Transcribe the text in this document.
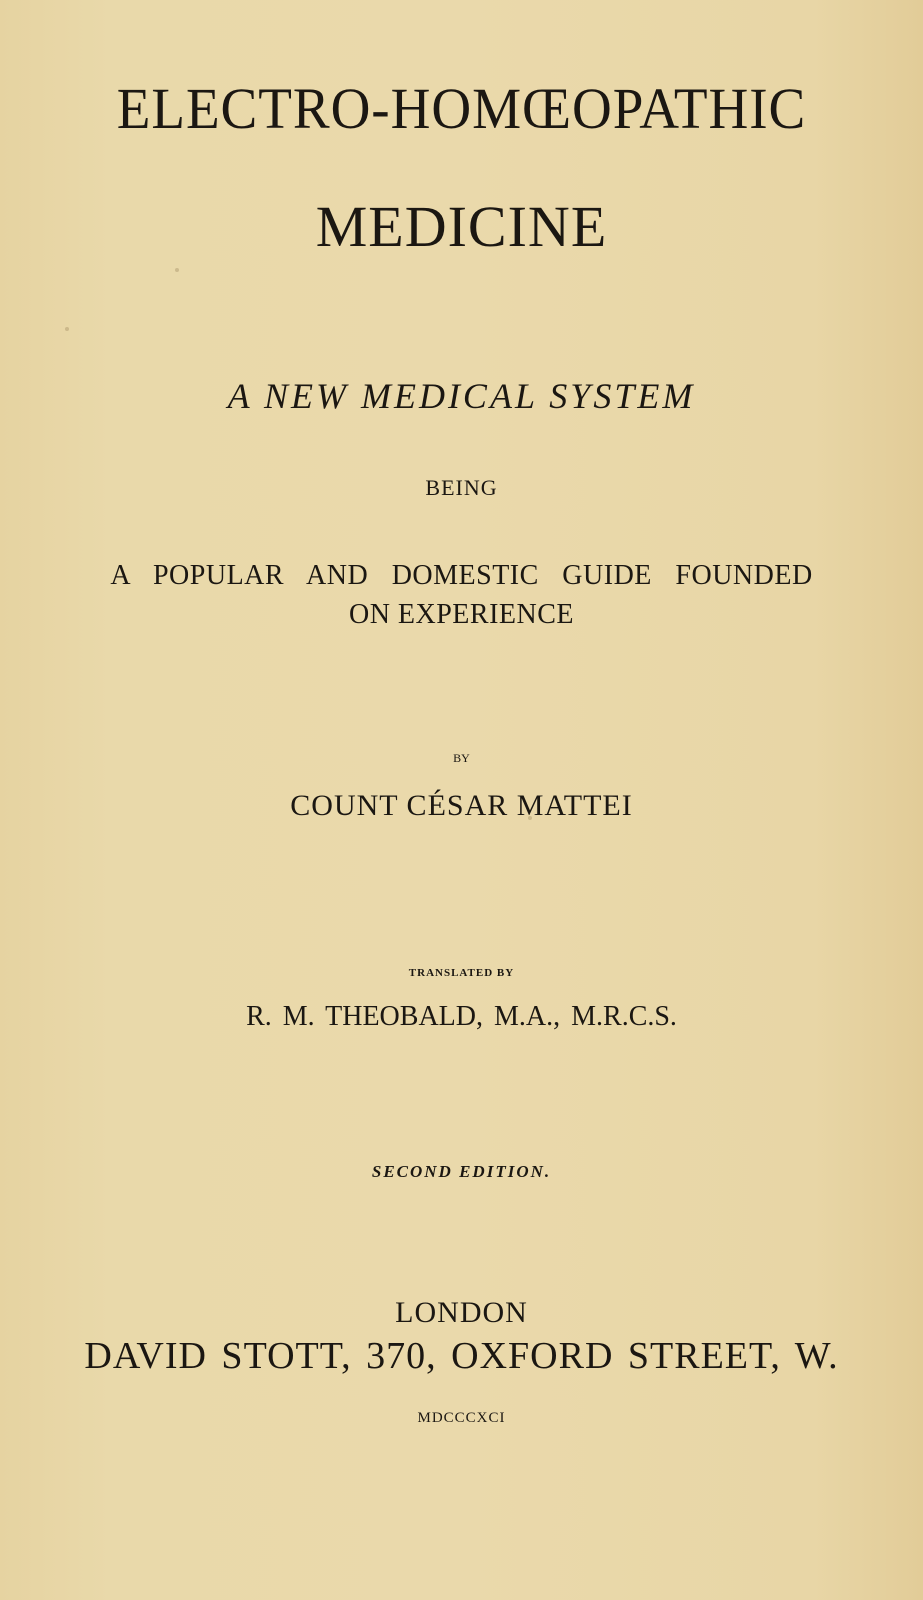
ELECTRO-HOMŒOPATHIC
MEDICINE
A NEW MEDICAL SYSTEM
BEING
A POPULAR AND DOMESTIC GUIDE FOUNDED
ON EXPERIENCE
BY
COUNT CÉSAR MATTEI
TRANSLATED BY
R. M. THEOBALD, M.A., M.R.C.S.
SECOND EDITION.
LONDON
DAVID STOTT, 370, OXFORD STREET, W.
MDCCCXCI
